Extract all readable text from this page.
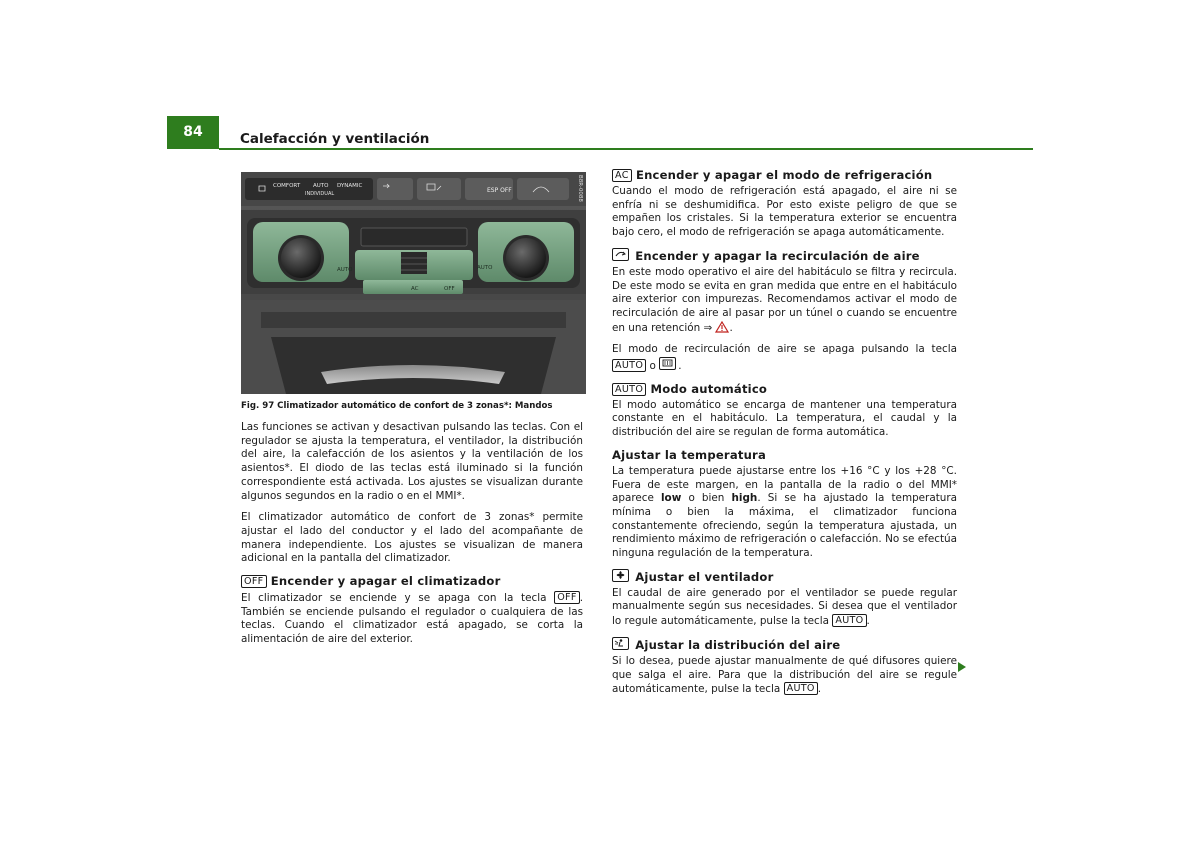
84	Calefacción y ventilación
COMFORT AUTO DYNAMIC
INDIVIDUAL	ESP OFF	B8R-0088
AUTO	AUTO
AC	OFF
Fig. 97 Climatizador automático de confort de 3 zonas*: Mandos

Las funciones se activan y desactivan pulsando las teclas. Con el regulador se ajusta la temperatura, el ventilador, la distribución del aire, la calefacción de los asientos y la ventilación de los asientos*. El diodo de las teclas está iluminado si la función correspondiente está activada. Los ajustes se visualizan durante algunos segundos en la radio o en el MMI*.

El climatizador automático de confort de 3 zonas* permite ajustar el lado del conductor y el lado del acompañante de manera independiente. Los ajustes se visualizan de manera adicional en la pantalla del climatizador.

OFF Encender y apagar el climatizador

El climatizador se enciende y se apaga con la tecla OFF . También se enciende pulsando el regulador o cualquiera de las teclas. Cuando el climatizador está apagado, se corta la alimentación de aire del exterior.

AC Encender y apagar el modo de refrigeración

Cuando el modo de refrigeración está apagado, el aire ni se enfría ni se deshumidifica. Por esto existe peligro de que se empañen los cristales. Si la temperatura exterior se encuentra bajo cero, el modo de refrigeración se apaga automáticamente.

Encender y apagar la recirculación de aire

En este modo operativo el aire del habitáculo se filtra y recircula. De este modo se evita en gran medida que entre en el habitáculo aire exterior con impurezas. Recomendamos activar el modo de recirculación de aire al pasar por un túnel o cuando se encuentre en una retención ⇒ .

El modo de recirculación de aire se apaga pulsando la tecla AUTO o .

AUTO Modo automático

El modo automático se encarga de mantener una temperatura constante en el habitáculo. La temperatura, el caudal y la distribución del aire se regulan de forma automática.

Ajustar la temperatura

La temperatura puede ajustarse entre los +16 °C y los +28 °C. Fuera de este margen, en la pantalla de la radio o del MMI* aparece low o bien high. Si se ha ajustado la temperatura mínima o bien la máxima, el climatizador funciona constantemente ofreciendo, según la temperatura ajustada, un rendimiento máximo de refrigeración o calefacción. No se efectúa ninguna regulación de la temperatura.

Ajustar el ventilador

El caudal de aire generado por el ventilador se puede regular manualmente según sus necesidades. Si desea que el ventilador lo regule automáticamente, pulse la tecla AUTO .

Ajustar la distribución del aire

Si lo desea, puede ajustar manualmente de qué difusores quiere que salga el aire. Para que la distribución del aire se regule automáticamente, pulse la tecla AUTO .
